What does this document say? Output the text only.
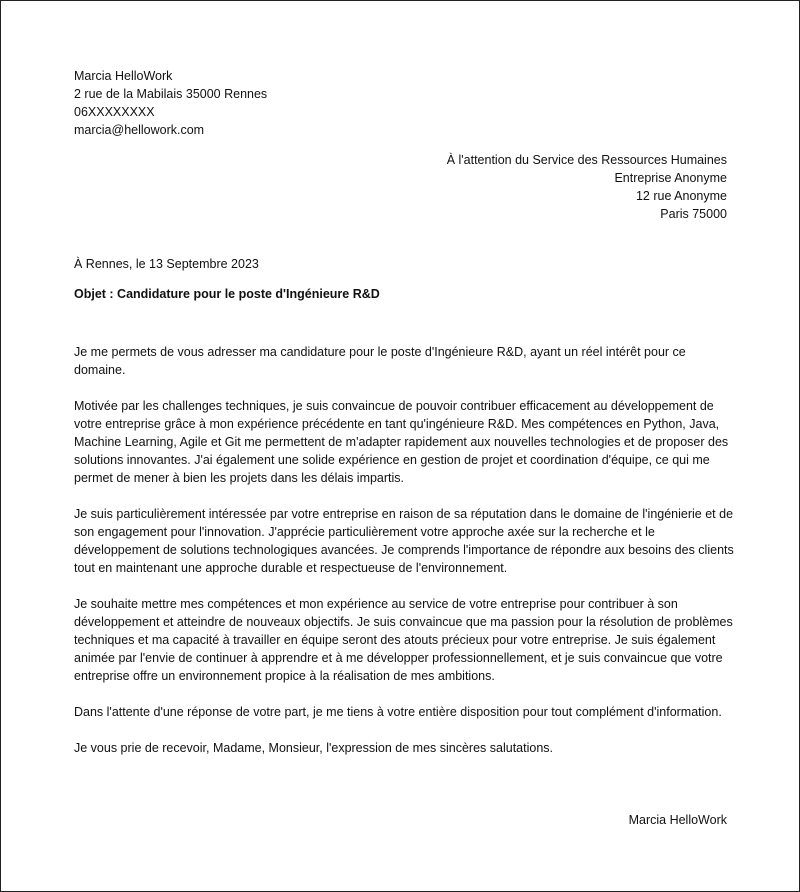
Marcia HelloWork
2 rue de la Mabilais 35000 Rennes
06XXXXXXXX
marcia@hellowork.com
À l'attention du Service des Ressources Humaines
Entreprise Anonyme
12 rue Anonyme
Paris 75000
À Rennes, le 13 Septembre 2023
Objet : Candidature pour le poste d'Ingénieure R&D

Je me permets de vous adresser ma candidature pour le poste d'Ingénieure R&D, ayant un réel intérêt pour ce domaine.

Motivée par les challenges techniques, je suis convaincue de pouvoir contribuer efficacement au développement de votre entreprise grâce à mon expérience précédente en tant qu'ingénieure R&D. Mes compétences en Python, Java, Machine Learning, Agile et Git me permettent de m'adapter rapidement aux nouvelles technologies et de proposer des solutions innovantes. J'ai également une solide expérience en gestion de projet et coordination d'équipe, ce qui me permet de mener à bien les projets dans les délais impartis.

Je suis particulièrement intéressée par votre entreprise en raison de sa réputation dans le domaine de l'ingénierie et de son engagement pour l'innovation. J'apprécie particulièrement votre approche axée sur la recherche et le développement de solutions technologiques avancées. Je comprends l'importance de répondre aux besoins des clients tout en maintenant une approche durable et respectueuse de l'environnement.

Je souhaite mettre mes compétences et mon expérience au service de votre entreprise pour contribuer à son développement et atteindre de nouveaux objectifs. Je suis convaincue que ma passion pour la résolution de problèmes techniques et ma capacité à travailler en équipe seront des atouts précieux pour votre entreprise. Je suis également animée par l'envie de continuer à apprendre et à me développer professionnellement, et je suis convaincue que votre entreprise offre un environnement propice à la réalisation de mes ambitions.

Dans l'attente d'une réponse de votre part, je me tiens à votre entière disposition pour tout complément d'information.

Je vous prie de recevoir, Madame, Monsieur, l'expression de mes sincères salutations.

Marcia HelloWork
